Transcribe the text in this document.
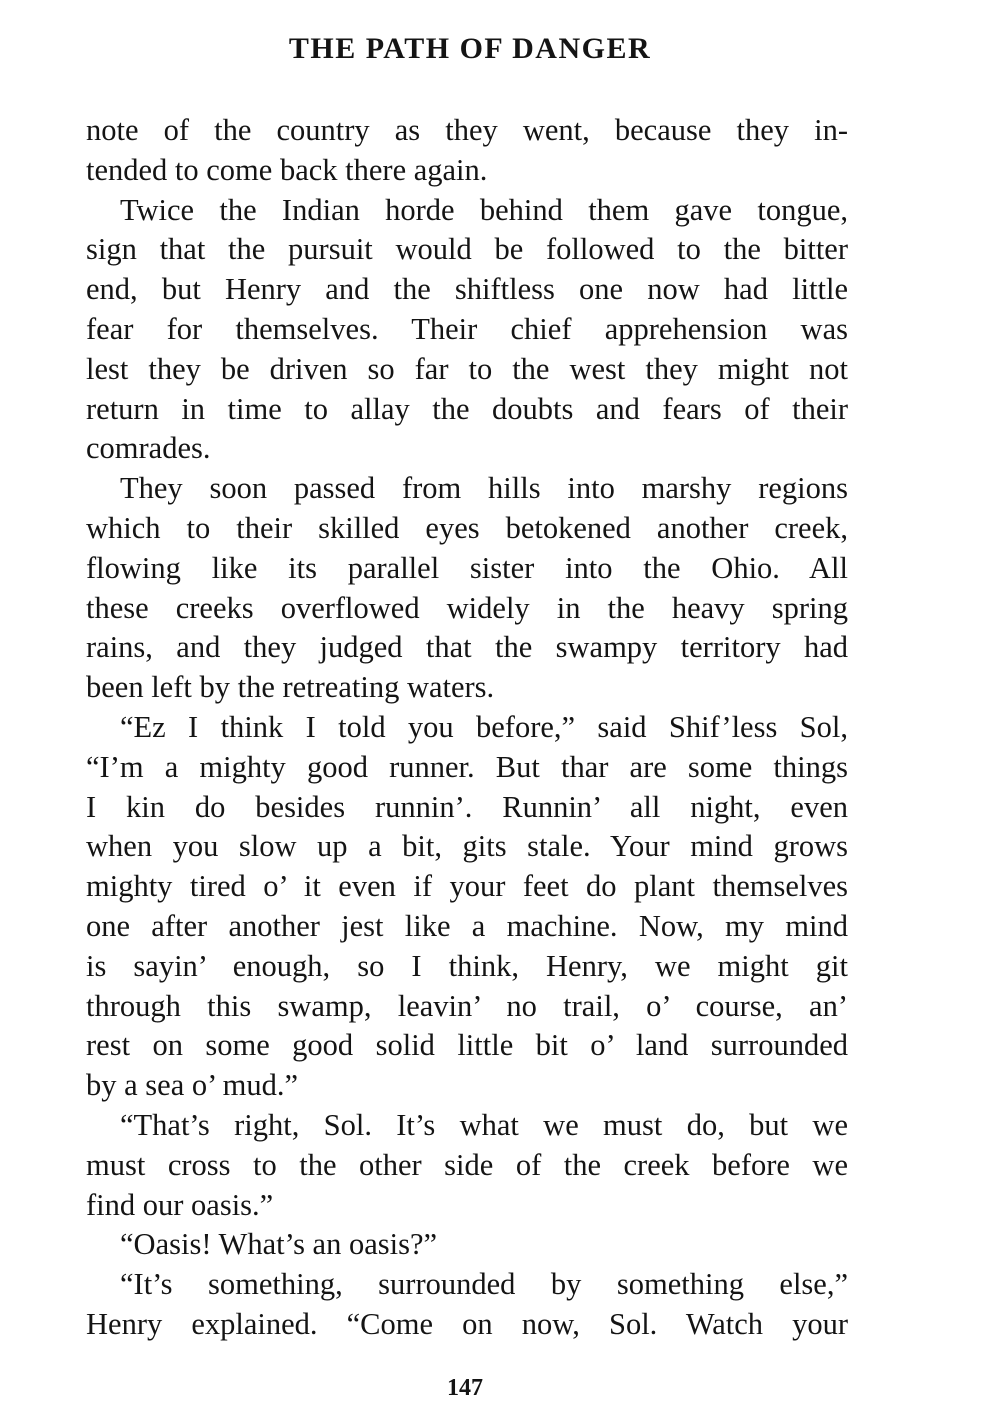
THE PATH OF DANGER
note of the country as they went, because they in-
tended to come back there again.
Twice the Indian horde behind them gave tongue,
sign that the pursuit would be followed to the bitter
end, but Henry and the shiftless one now had little
fear for themselves. Their chief apprehension was
lest they be driven so far to the west they might not
return in time to allay the doubts and fears of their
comrades.
They soon passed from hills into marshy regions
which to their skilled eyes betokened another creek,
flowing like its parallel sister into the Ohio. All
these creeks overflowed widely in the heavy spring
rains, and they judged that the swampy territory had
been left by the retreating waters.
“Ez I think I told you before,” said Shif’less Sol,
“I’m a mighty good runner. But thar are some things
I kin do besides runnin’. Runnin’ all night, even
when you slow up a bit, gits stale. Your mind grows
mighty tired o’ it even if your feet do plant themselves
one after another jest like a machine. Now, my mind
is sayin’ enough, so I think, Henry, we might git
through this swamp, leavin’ no trail, o’ course, an’
rest on some good solid little bit o’ land surrounded
by a sea o’ mud.”
“That’s right, Sol. It’s what we must do, but we
must cross to the other side of the creek before we
find our oasis.”
“Oasis! What’s an oasis?”
“It’s something, surrounded by something else,”
Henry explained. “Come on now, Sol. Watch your
147
